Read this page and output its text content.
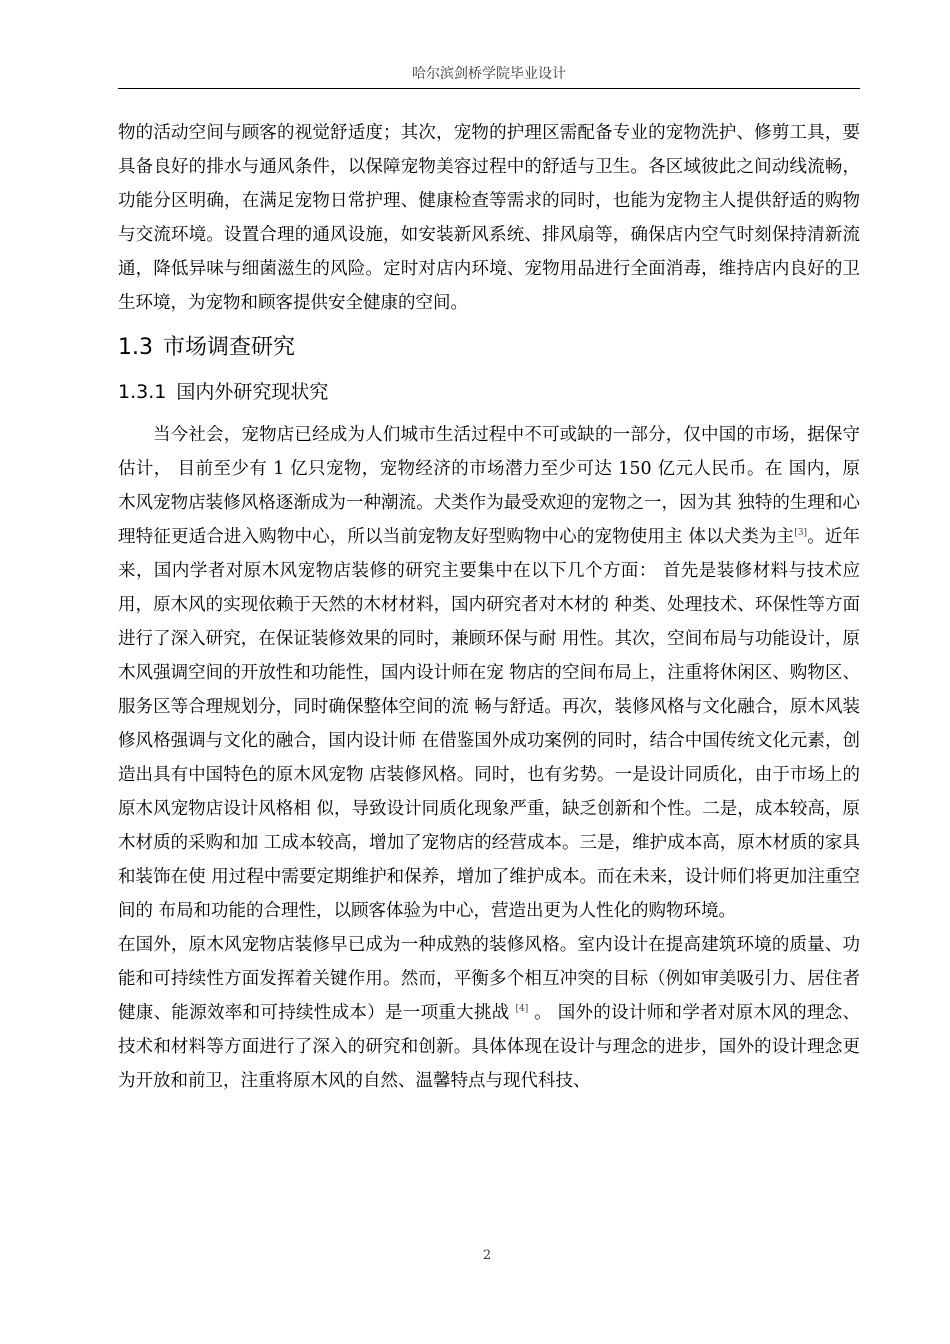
哈尔滨剑桥学院毕业设计

物的活动空间与顾客的视觉舒适度；其次，宠物的护理区需配备专业的宠物洗护、修剪工具，要具备良好的排水与通风条件，以保障宠物美容过程中的舒适与卫生。各区域彼此之间动线流畅，功能分区明确，在满足宠物日常护理、健康检查等需求的同时，也能为宠物主人提供舒适的购物与交流环境。设置合理的通风设施，如安装新风系统、排风扇等，确保店内空气时刻保持清新流通，降低异味与细菌滋生的风险。定时对店内环境、宠物用品进行全面消毒，维持店内良好的卫生环境，为宠物和顾客提供安全健康的空间。

1.3 市场调查研究
1.3.1 国内外研究现状究

当今社会，宠物店已经成为人们城市生活过程中不可或缺的一部分，仅中国的市场，据保守估计， 目前至少有 1 亿只宠物，宠物经济的市场潜力至少可达 150 亿元人民币。在 国内，原木风宠物店装修风格逐渐成为一种潮流。犬类作为最受欢迎的宠物之一，因为其 独特的生理和心理特征更适合进入购物中心，所以当前宠物友好型购物中心的宠物使用主 体以犬类为主[3]。近年来，国内学者对原木风宠物店装修的研究主要集中在以下几个方面： 首先是装修材料与技术应用，原木风的实现依赖于天然的木材材料，国内研究者对木材的 种类、处理技术、环保性等方面进行了深入研究，在保证装修效果的同时，兼顾环保与耐 用性。其次，空间布局与功能设计，原木风强调空间的开放性和功能性，国内设计师在宠 物店的空间布局上，注重将休闲区、购物区、服务区等合理规划分，同时确保整体空间的流 畅与舒适。再次，装修风格与文化融合，原木风装修风格强调与文化的融合，国内设计师 在借鉴国外成功案例的同时，结合中国传统文化元素，创造出具有中国特色的原木风宠物 店装修风格。同时，也有劣势。一是设计同质化，由于市场上的原木风宠物店设计风格相 似，导致设计同质化现象严重，缺乏创新和个性。二是，成本较高，原木材质的采购和加 工成本较高，增加了宠物店的经营成本。三是，维护成本高，原木材质的家具和装饰在使 用过程中需要定期维护和保养，增加了维护成本。而在未来，设计师们将更加注重空间的 布局和功能的合理性，以顾客体验为中心，营造出更为人性化的购物环境。

在国外，原木风宠物店装修早已成为一种成熟的装修风格。室内设计在提高建筑环境的质量、功能和可持续性方面发挥着关键作用。然而，平衡多个相互冲突的目标（例如审美吸引力、居住者健康、能源效率和可持续性成本）是一项重大挑战 [4] 。 国外的设计师和学者对原木风的理念、技术和材料等方面进行了深入的研究和创新。具体体现在设计与理念的进步，国外的设计理念更为开放和前卫，注重将原木风的自然、温馨特点与现代科技、

2
